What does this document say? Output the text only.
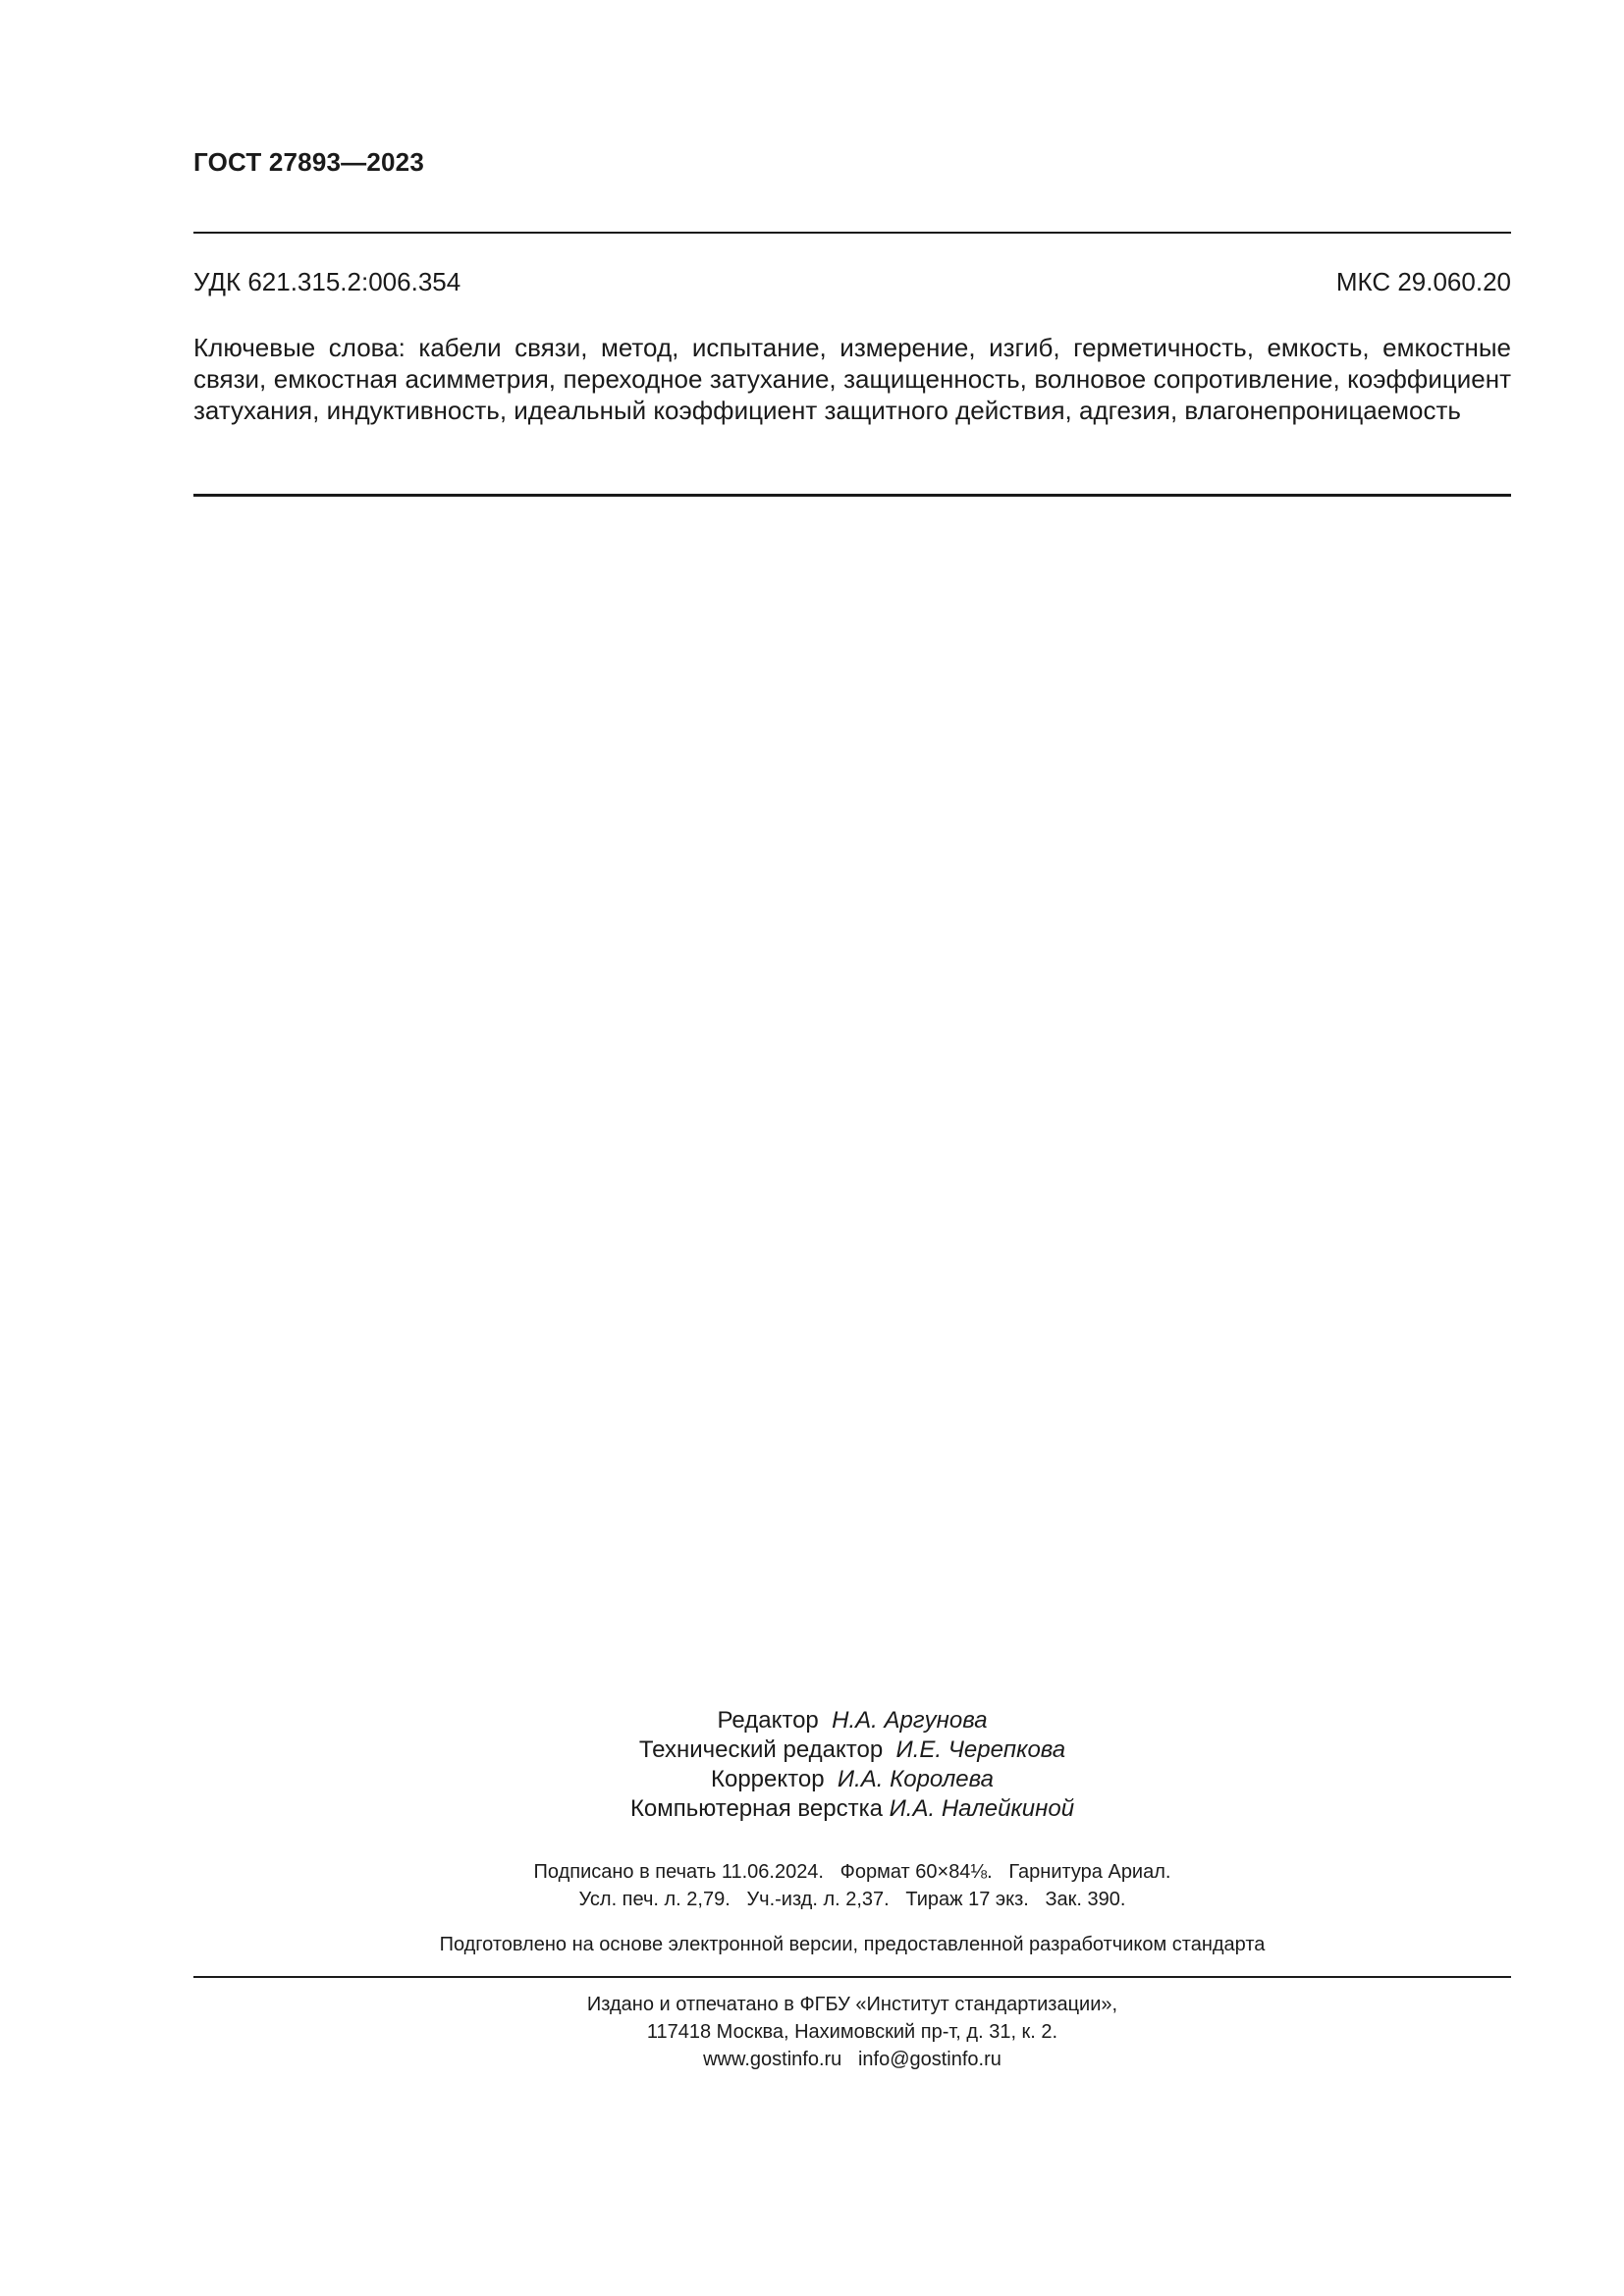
ГОСТ 27893—2023
УДК 621.315.2:006.354	МКС 29.060.20
Ключевые слова: кабели связи, метод, испытание, измерение, изгиб, герметичность, емкость, емкостные связи, емкостная асимметрия, переходное затухание, защищенность, волновое сопротивление, коэффициент затухания, индуктивность, идеальный коэффициент защитного действия, адгезия, влагонепроницаемость
Редактор Н.А. Аргунова
Технический редактор И.Е. Черепкова
Корректор И.А. Королева
Компьютерная верстка И.А. Налейкиной
Подписано в печать 11.06.2024.   Формат 60×84⅛.   Гарнитура Ариал.
Усл. печ. л. 2,79.   Уч.-изд. л. 2,37.   Тираж 17 экз.   Зак. 390.
Подготовлено на основе электронной версии, предоставленной разработчиком стандарта
Издано и отпечатано в ФГБУ «Институт стандартизации»,
117418 Москва, Нахимовский пр-т, д. 31, к. 2.
www.gostinfo.ru info@gostinfo.ru
